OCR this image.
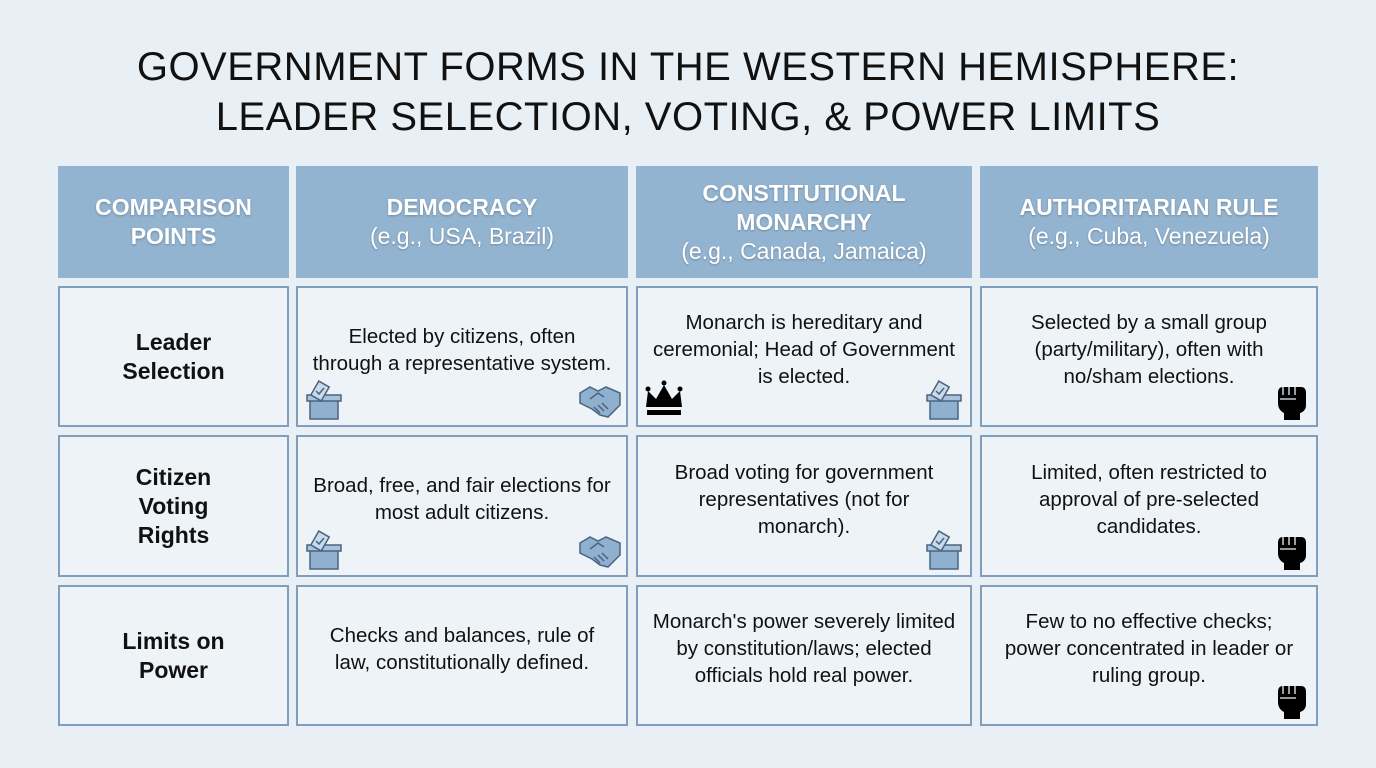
GOVERNMENT FORMS IN THE WESTERN HEMISPHERE:
LEADER SELECTION, VOTING, & POWER LIMITS
COMPARISON POINTS
DEMOCRACY
(e.g., USA, Brazil)
CONSTITUTIONAL MONARCHY
(e.g., Canada, Jamaica)
AUTHORITARIAN RULE
(e.g., Cuba, Venezuela)
Leader Selection
Elected by citizens, often through a representative system.
Monarch is hereditary and ceremonial; Head of Government is elected.
Selected by a small group (party/military), often with no/sham elections.
Citizen Voting Rights
Broad, free, and fair elections for most adult citizens.
Broad voting for government representatives (not for monarch).
Limited, often restricted to approval of pre-selected candidates.
Limits on Power
Checks and balances, rule of law, constitutionally defined.
Monarch's power severely limited by constitution/laws; elected officials hold real power.
Few to no effective checks; power concentrated in leader or ruling group.
